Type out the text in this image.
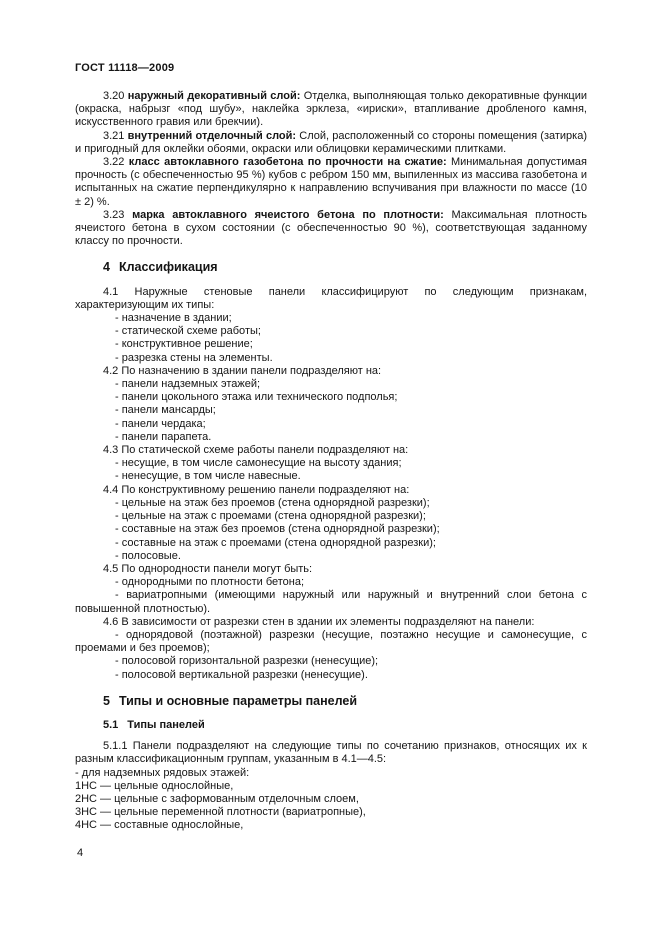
ГОСТ 11118—2009

3.20 наружный декоративный слой: Отделка, выполняющая только декоративные функции (окраска, набрызг «под шубу», наклейка эрклеза, «ириски», втапливание дробленого камня, искусственного гравия или брекчии).

3.21 внутренний отделочный слой: Слой, расположенный со стороны помещения (затирка) и пригодный для оклейки обоями, окраски или облицовки керамическими плитками.

3.22 класс автоклавного газобетона по прочности на сжатие: Минимальная допустимая прочность (с обеспеченностью 95 %) кубов с ребром 150 мм, выпиленных из массива газобетона и испытанных на сжатие перпендикулярно к направлению вспучивания при влажности по массе (10 ± 2) %.

3.23 марка автоклавного ячеистого бетона по плотности: Максимальная плотность ячеистого бетона в сухом состоянии (с обеспеченностью 90 %), соответствующая заданному классу по прочности.

4 Классификация

4.1 Наружные стеновые панели классифицируют по следующим признакам, характеризующим их типы:

- назначение в здании;

- статической схеме работы;

- конструктивное решение;

- разрезка стены на элементы.

4.2 По назначению в здании панели подразделяют на:

- панели надземных этажей;

- панели цокольного этажа или технического подполья;

- панели мансарды;

- панели чердака;

- панели парапета.

4.3 По статической схеме работы панели подразделяют на:

- несущие, в том числе самонесущие на высоту здания;

- ненесущие, в том числе навесные.

4.4 По конструктивному решению панели подразделяют на:

- цельные на этаж без проемов (стена однорядной разрезки);

- цельные на этаж с проемами (стена однорядной разрезки);

- составные на этаж без проемов (стена однорядной разрезки);

- составные на этаж с проемами (стена однорядной разрезки);

- полосовые.

4.5 По однородности панели могут быть:

- однородными по плотности бетона;

- вариатропными (имеющими наружный или наружный и внутренний слои бетона с повышенной плотностью).

4.6 В зависимости от разрезки стен в здании их элементы подразделяют на панели:

- однорядовой (поэтажной) разрезки (несущие, поэтажно несущие и самонесущие, с проемами и без проемов);

- полосовой горизонтальной разрезки (ненесущие);

- полосовой вертикальной разрезки (ненесущие).

5 Типы и основные параметры панелей

5.1 Типы панелей

5.1.1 Панели подразделяют на следующие типы по сочетанию признаков, относящих их к разным классификационным группам, указанным в 4.1—4.5:

- для надземных рядовых этажей:

1НС — цельные однослойные,

2НС — цельные с заформованным отделочным слоем,

3НС — цельные переменной плотности (вариатропные),

4НС — составные однослойные,

4
